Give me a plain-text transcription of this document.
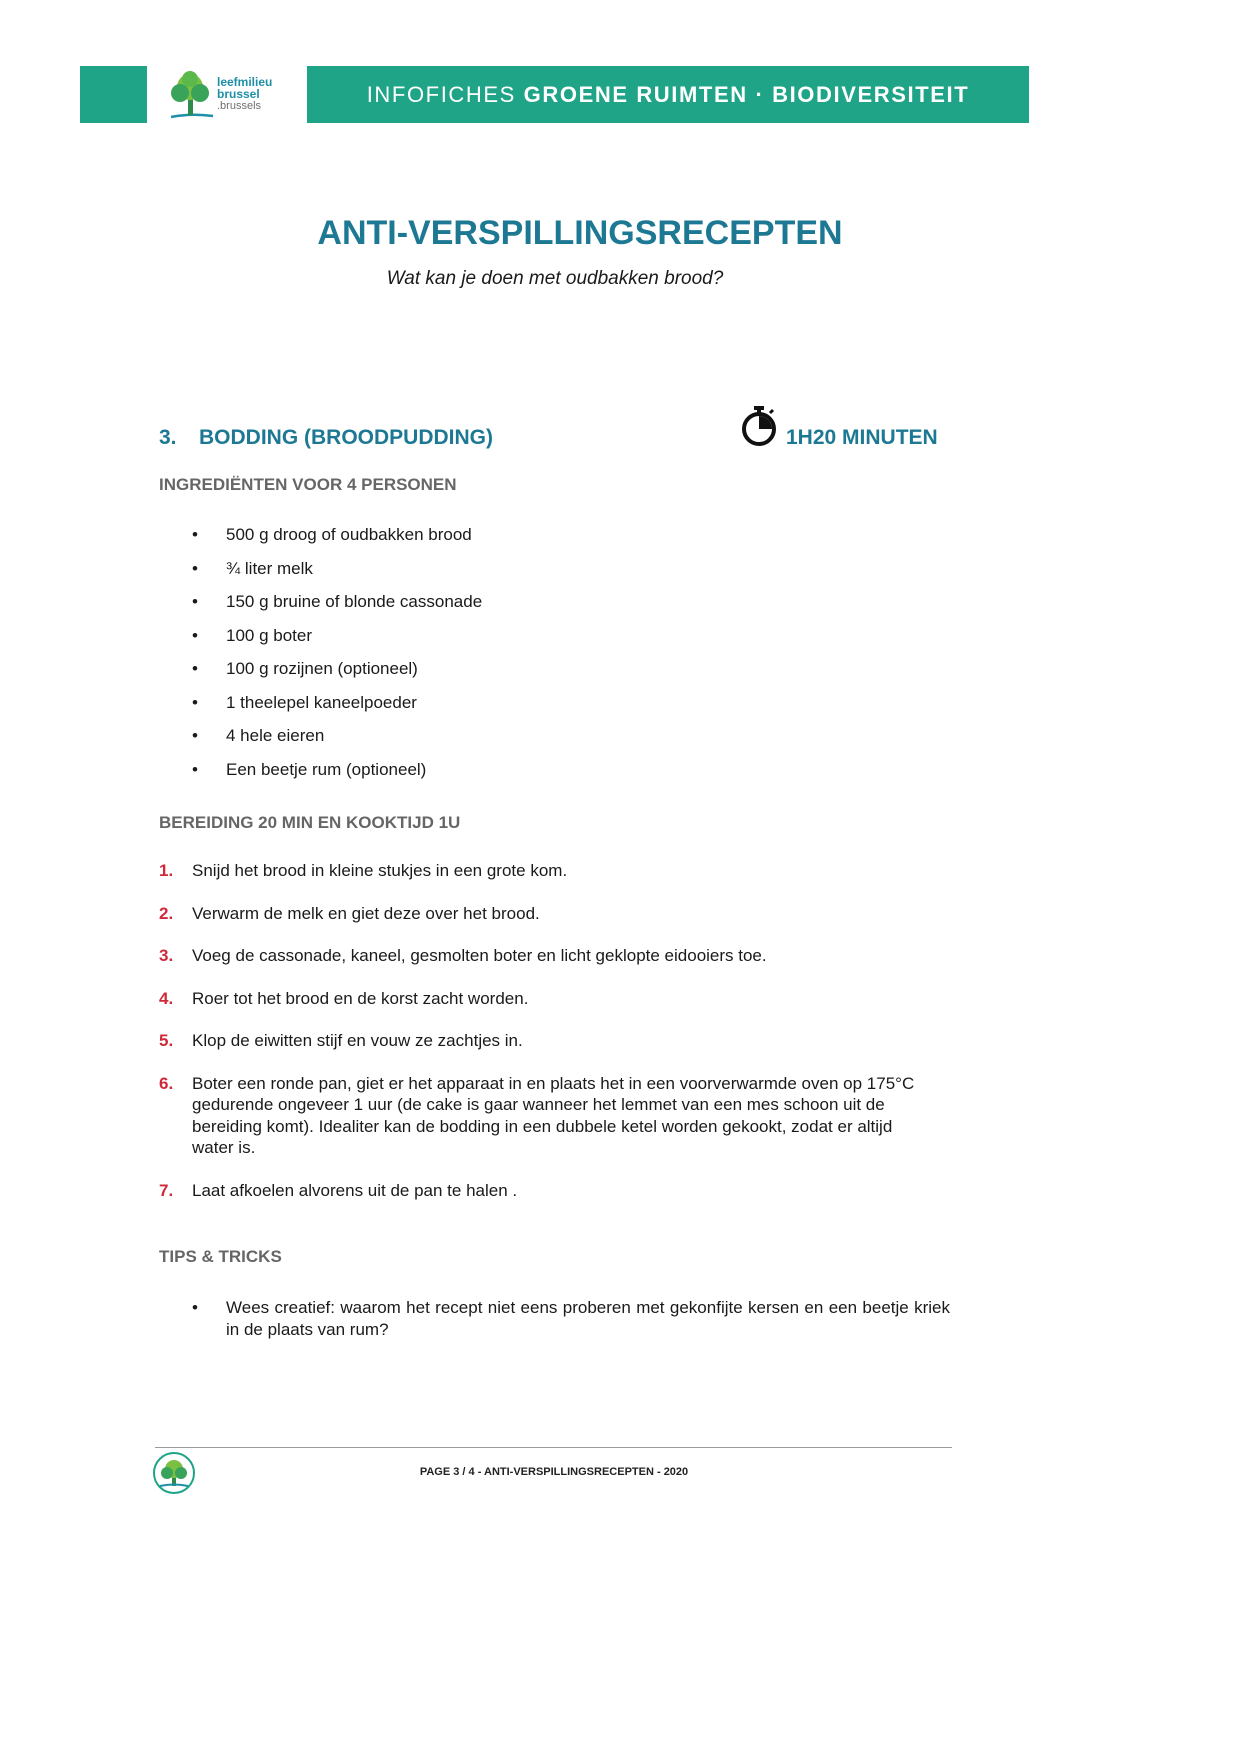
leefmilieu
brussel
.brussels	INFOFICHES GROENE RUIMTEN · BIODIVERSITEIT
ANTI-VERSPILLINGSRECEPTEN
Wat kan je doen met oudbakken brood?
3. BODDING (BROODPUDDING)	1H20 MINUTEN
INGREDIËNTEN VOOR 4 PERSONEN
• 500 g droog of oudbakken brood
• ¾ liter melk
• 150 g bruine of blonde cassonade
• 100 g boter
• 100 g rozijnen (optioneel)
• 1 theelepel kaneelpoeder
• 4 hele eieren
• Een beetje rum (optioneel)
BEREIDING 20 MIN EN KOOKTIJD 1U
1. Snijd het brood in kleine stukjes in een grote kom.
2. Verwarm de melk en giet deze over het brood.
3. Voeg de cassonade, kaneel, gesmolten boter en licht geklopte eidooiers toe.
4. Roer tot het brood en de korst zacht worden.
5. Klop de eiwitten stijf en vouw ze zachtjes in.
6. Boter een ronde pan, giet er het apparaat in en plaats het in een voorverwarmde oven op 175°C gedurende ongeveer 1 uur (de cake is gaar wanneer het lemmet van een mes schoon uit de bereiding komt). Idealiter kan de bodding in een dubbele ketel worden gekookt, zodat er altijd water is.
7. Laat afkoelen alvorens uit de pan te halen .
TIPS & TRICKS
• Wees creatief: waarom het recept niet eens proberen met gekonfijte kersen en een beetje kriek in de plaats van rum?
PAGE 3 / 4 - ANTI-VERSPILLINGSRECEPTEN - 2020
